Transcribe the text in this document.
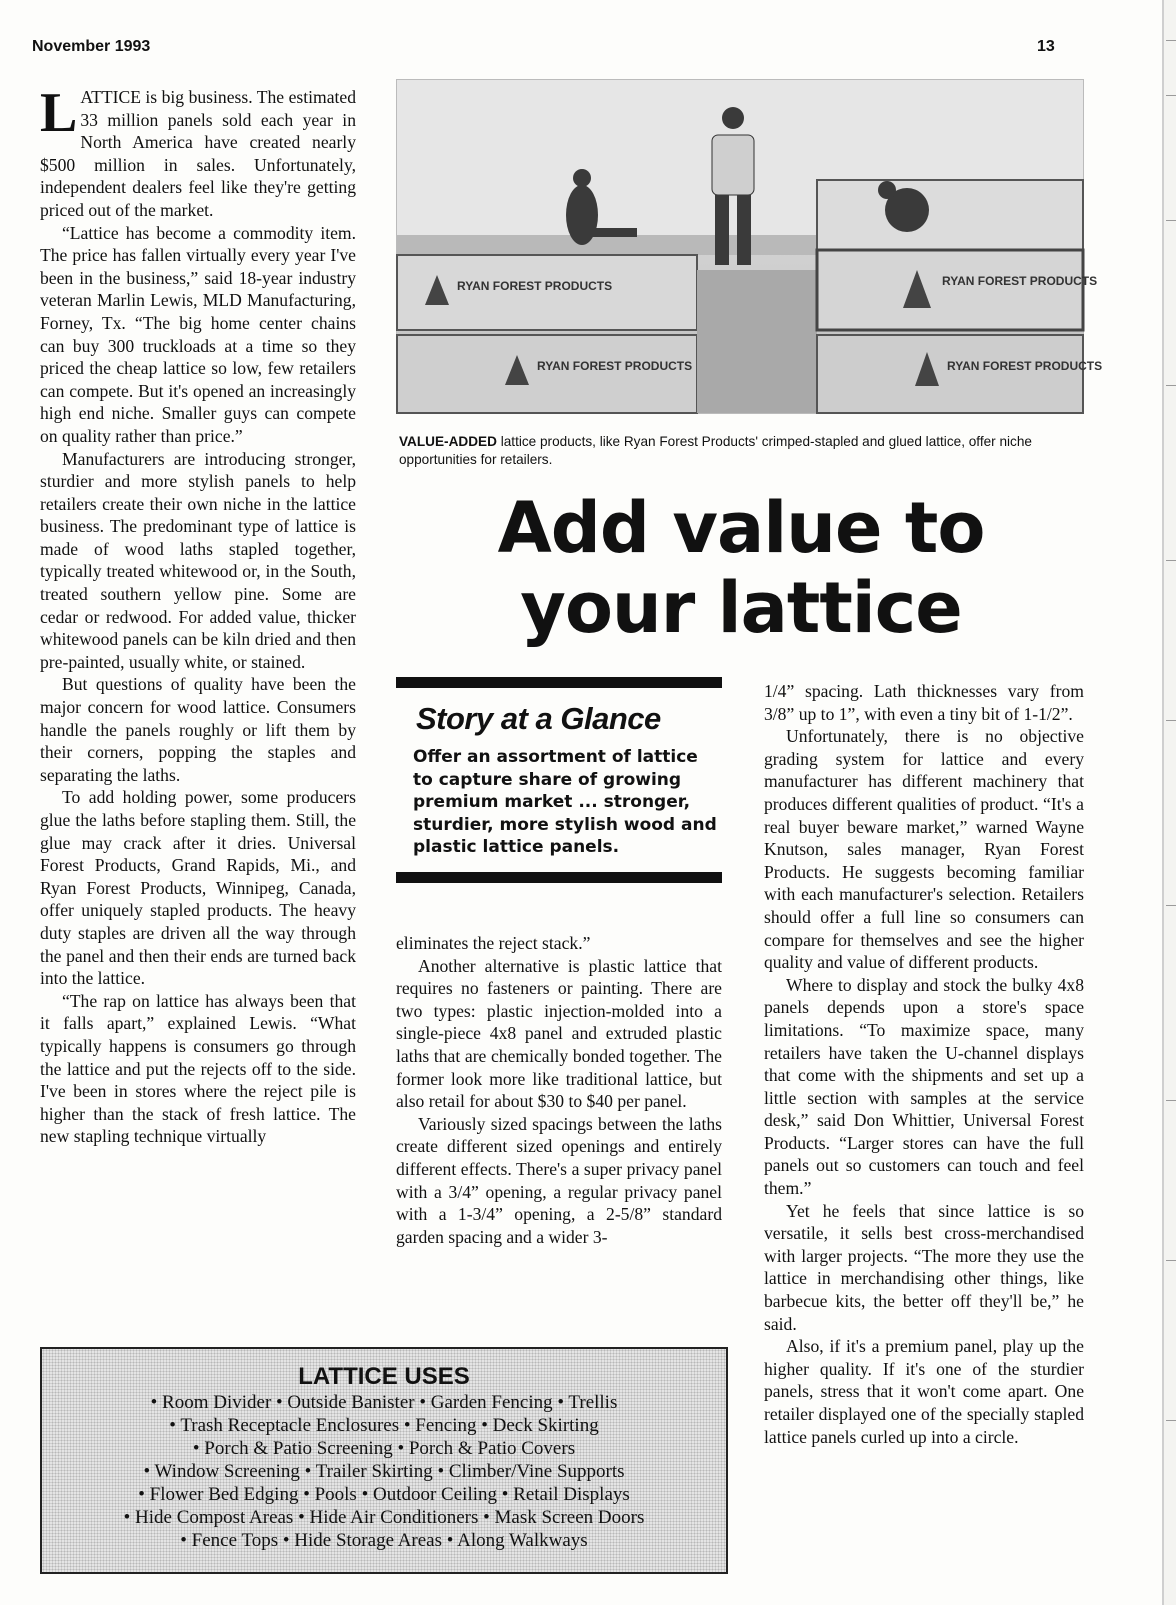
November 1993	13

LATTICE is big business. The estimated 33 million panels sold each year in North America have created nearly $500 million in sales. Unfortunately, independent dealers feel like they're getting priced out of the market.

“Lattice has become a commodity item. The price has fallen virtually every year I've been in the business,” said 18-year industry veteran Marlin Lewis, MLD Manufacturing, Forney, Tx. “The big home center chains can buy 300 truckloads at a time so they priced the cheap lattice so low, few retailers can compete. But it's opened an increasingly high end niche. Smaller guys can compete on quality rather than price.”

Manufacturers are introducing stronger, sturdier and more stylish panels to help retailers create their own niche in the lattice business. The predominant type of lattice is made of wood laths stapled together, typically treated whitewood or, in the South, treated southern yellow pine. Some are cedar or redwood. For added value, thicker whitewood panels can be kiln dried and then pre-painted, usually white, or stained.

But questions of quality have been the major concern for wood lattice. Consumers handle the panels roughly or lift them by their corners, popping the staples and separating the laths.

To add holding power, some producers glue the laths before stapling them. Still, the glue may crack after it dries. Universal Forest Products, Grand Rapids, Mi., and Ryan Forest Products, Winnipeg, Canada, offer uniquely stapled products. The heavy duty staples are driven all the way through the panel and then their ends are turned back into the lattice.

“The rap on lattice has always been that it falls apart,” explained Lewis. “What typically happens is consumers go through the lattice and put the rejects off to the side. I've been in stores where the reject pile is higher than the stack of fresh lattice. The new stapling technique virtually

RYAN FOREST PRODUCTS	RYAN FOREST PRODUCTS
RYAN FOREST PRODUCTS	RYAN FOREST PRODUCTS
VALUE-ADDED lattice products, like Ryan Forest Products' crimped-stapled and glued lattice, offer niche opportunities for retailers.
Add value to
your lattice
Story at a Glance
Offer an assortment of lattice to capture share of growing premium market ... stronger, sturdier, more stylish wood and plastic lattice panels.

eliminates the reject stack.”

Another alternative is plastic lattice that requires no fasteners or painting. There are two types: plastic injection-molded into a single-piece 4x8 panel and extruded plastic laths that are chemically bonded together. The former look more like traditional lattice, but also retail for about $30 to $40 per panel.

Variously sized spacings between the laths create different sized openings and entirely different effects. There's a super privacy panel with a 3/4” opening, a regular privacy panel with a 1-3/4” opening, a 2-5/8” standard garden spacing and a wider 3-

1/4” spacing. Lath thicknesses vary from 3/8” up to 1”, with even a tiny bit of 1-1/2”.

Unfortunately, there is no objective grading system for lattice and every manufacturer has different machinery that produces different qualities of product. “It's a real buyer beware market,” warned Wayne Knutson, sales manager, Ryan Forest Products. He suggests becoming familiar with each manufacturer's selection. Retailers should offer a full line so consumers can compare for themselves and see the higher quality and value of different products.

Where to display and stock the bulky 4x8 panels depends upon a store's space limitations. “To maximize space, many retailers have taken the U-channel displays that come with the shipments and set up a little section with samples at the service desk,” said Don Whittier, Universal Forest Products. “Larger stores can have the full panels out so customers can touch and feel them.”

Yet he feels that since lattice is so versatile, it sells best cross-merchandised with larger projects. “The more they use the lattice in merchandising other things, like barbecue kits, the better off they'll be,” he said.

Also, if it's a premium panel, play up the higher quality. If it's one of the sturdier panels, stress that it won't come apart. One retailer displayed one of the specially stapled lattice panels curled up into a circle.

LATTICE USES

• Room Divider • Outside Banister • Garden Fencing • Trellis

• Trash Receptacle Enclosures • Fencing • Deck Skirting

• Porch & Patio Screening • Porch & Patio Covers

• Window Screening • Trailer Skirting • Climber/Vine Supports

• Flower Bed Edging • Pools • Outdoor Ceiling • Retail Displays

• Hide Compost Areas • Hide Air Conditioners • Mask Screen Doors

• Fence Tops • Hide Storage Areas • Along Walkways
